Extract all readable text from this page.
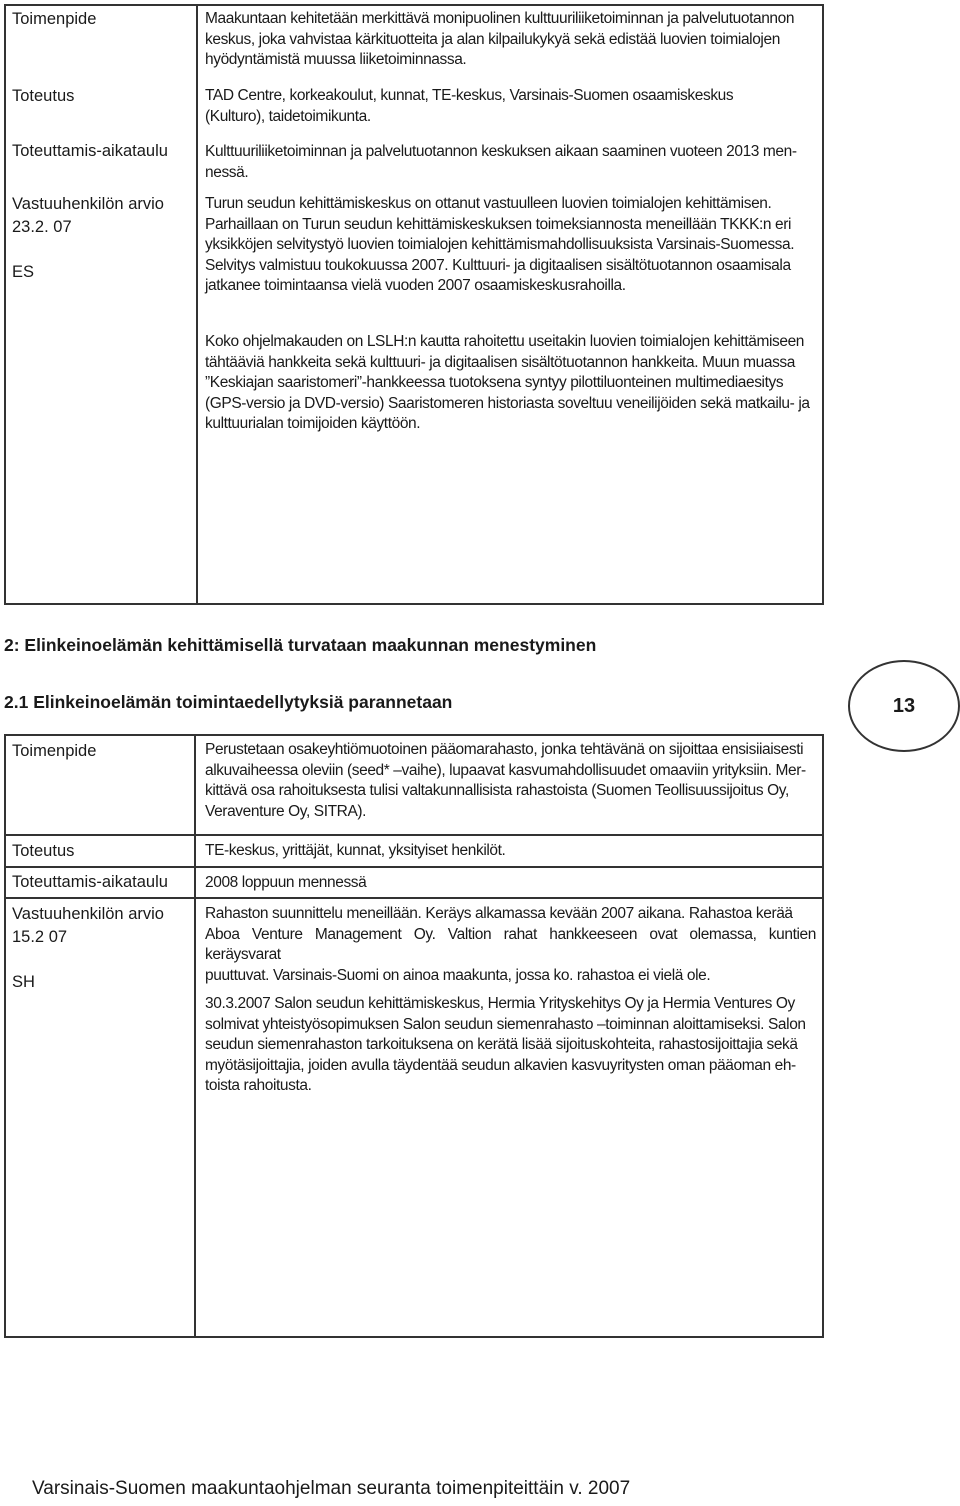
Toimenpide
Toteutus
Toteuttamis-aikataulu
Vastuuhenkilön arvio
23.2. 07
ES

Maakuntaan kehitetään merkittävä monipuolinen kulttuuriliiketoiminnan ja palvelutuotannon

keskus, joka vahvistaa kärkituotteita ja alan kilpailukykyä sekä edistää luovien toimialojen

hyödyntämistä muussa liiketoiminnassa.

TAD Centre, korkeakoulut, kunnat, TE-keskus, Varsinais-Suomen osaamiskeskus

(Kulturo), taidetoimikunta.

Kulttuuriliiketoiminnan ja palvelutuotannon keskuksen aikaan saaminen vuoteen 2013 men-

nessä.

Turun seudun kehittämiskeskus on ottanut vastuulleen luovien toimialojen kehittämisen.

Parhaillaan on Turun seudun kehittämiskeskuksen toimeksiannosta meneillään TKKK:n eri

yksikköjen selvitystyö luovien toimialojen kehittämismahdollisuuksista Varsinais-Suomessa.

Selvitys valmistuu toukokuussa 2007. Kulttuuri- ja digitaalisen sisältötuotannon osaamisala

jatkanee toimintaansa vielä vuoden 2007 osaamiskeskusrahoilla.

Koko ohjelmakauden on LSLH:n kautta rahoitettu useitakin luovien toimialojen kehittämiseen

tähtääviä hankkeita sekä kulttuuri- ja digitaalisen sisältötuotannon hankkeita. Muun muassa

”Keskiajan saaristomeri”-hankkeessa tuotoksena syntyy pilottiluonteinen multimediaesitys

(GPS-versio ja DVD-versio) Saaristomeren historiasta soveltuu veneilijöiden sekä matkailu- ja

kulttuurialan toimijoiden käyttöön.

2: Elinkeinoelämän kehittämisellä turvataan maakunnan menestyminen
2.1 Elinkeinoelämän toimintaedellytyksiä parannetaan	13
Toimenpide
Toteutus
Toteuttamis-aikataulu
Vastuuhenkilön arvio
15.2 07
SH

Perustetaan osakeyhtiömuotoinen pääomarahasto, jonka tehtävänä on sijoittaa ensisiiaisesti

alkuvaiheessa oleviin (seed* –vaihe), lupaavat kasvumahdollisuudet omaaviin yrityksiin. Mer-

kittävä osa rahoituksesta tulisi valtakunnallisista rahastoista (Suomen Teollisuussijoitus Oy,

Veraventure Oy, SITRA).

TE-keskus, yrittäjät, kunnat, yksityiset henkilöt.

2008 loppuun mennessä

Rahaston suunnittelu meneillään. Keräys alkamassa kevään 2007 aikana. Rahastoa kerää

Aboa Venture Management Oy. Valtion rahat hankkeeseen ovat olemassa, kuntien keräysvarat

puuttuvat. Varsinais-Suomi on ainoa maakunta, jossa ko. rahastoa ei vielä ole.

30.3.2007 Salon seudun kehittämiskeskus, Hermia Yrityskehitys Oy ja Hermia Ventures Oy

solmivat yhteistyösopimuksen Salon seudun siemenrahasto –toiminnan aloittamiseksi. Salon

seudun siemenrahaston tarkoituksena on kerätä lisää sijoituskohteita, rahastosijoittajia sekä

myötäsijoittajia, joiden avulla täydentää seudun alkavien kasvuyritysten oman pääoman eh-

toista rahoitusta.

Varsinais-Suomen maakuntaohjelman seuranta toimenpiteittäin v. 2007
